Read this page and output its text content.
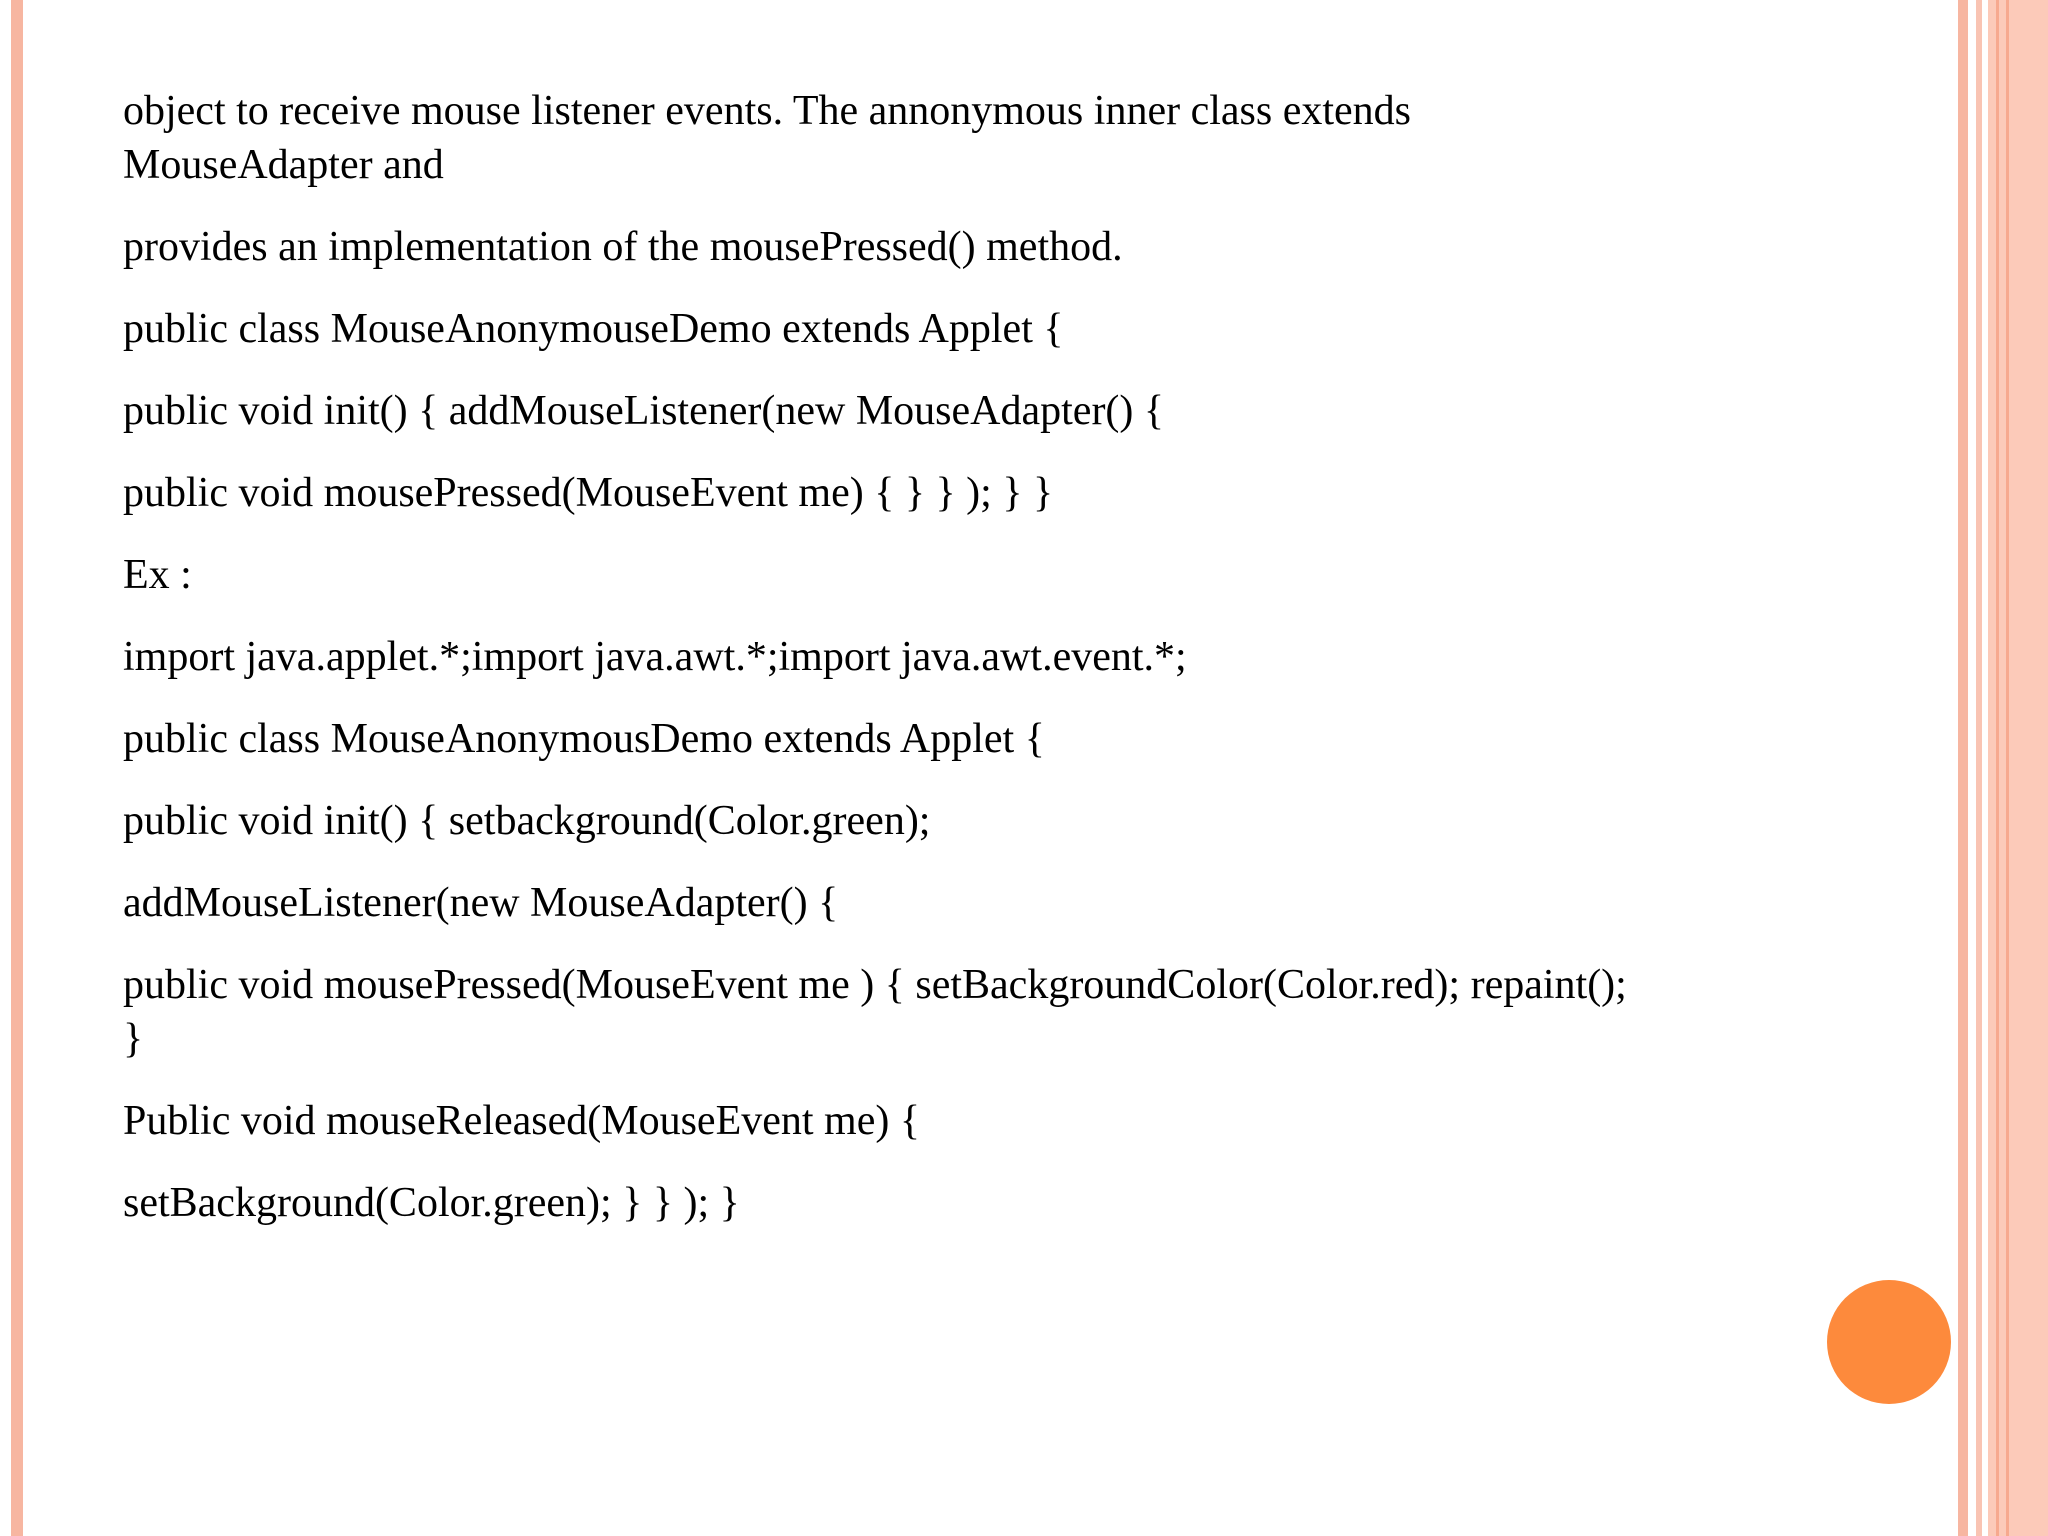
object to receive mouse listener events. The annonymous inner class extends MouseAdapter and

provides an implementation of the mousePressed() method.

public class MouseAnonymouseDemo extends Applet {

public void init() { addMouseListener(new MouseAdapter() {

public void mousePressed(MouseEvent me) { } } ); } }

Ex :

import java.applet.*;import java.awt.*;import java.awt.event.*;

public class MouseAnonymousDemo extends Applet {

public void init() { setbackground(Color.green);

addMouseListener(new MouseAdapter() {

public void mousePressed(MouseEvent me ) { setBackgroundColor(Color.red); repaint(); }

Public void mouseReleased(MouseEvent me) {

setBackground(Color.green); } } ); }
